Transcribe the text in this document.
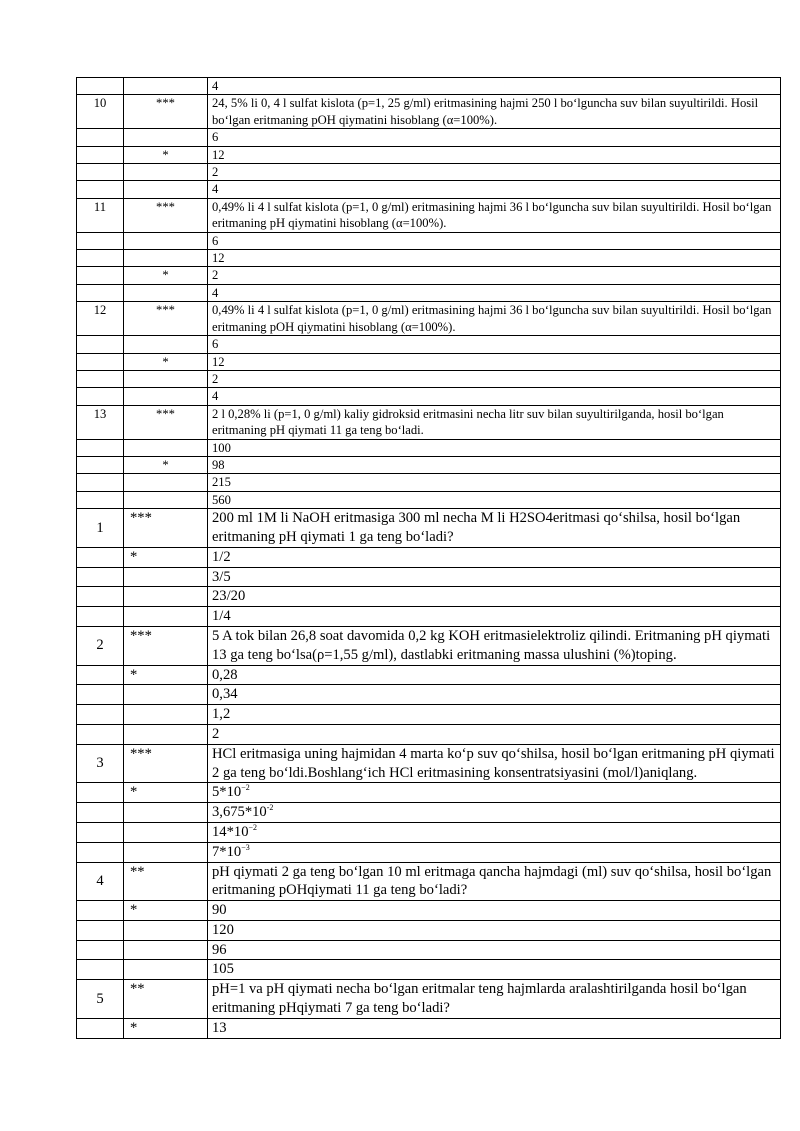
		4
10	***	24, 5% li 0, 4 l sulfat kislota (p=1, 25 g/ml) eritmasining hajmi 250 l bo‘lguncha suv bilan suyultirildi. Hosil bo‘lgan eritmaning pOH qiymatini hisoblang (α=100%).
		6
	*	12
		2
		4
11	***	0,49% li 4 l sulfat kislota (p=1, 0 g/ml) eritmasining hajmi 36 l bo‘lguncha suv bilan suyultirildi. Hosil bo‘lgan eritmaning pH qiymatini hisoblang (α=100%).
		6
		12
	*	2
		4
12	***	0,49% li 4 l sulfat kislota (p=1, 0 g/ml) eritmasining hajmi 36 l bo‘lguncha suv bilan suyultirildi. Hosil bo‘lgan eritmaning pOH qiymatini hisoblang (α=100%).
		6
	*	12
		2
		4
13	***	2 l 0,28% li (p=1, 0 g/ml) kaliy gidroksid eritmasini necha litr suv bilan suyultirilganda, hosil bo‘lgan eritmaning pH qiymati 11 ga teng bo‘ladi.
		100
	*	98
		215
		560
1	***	200 ml 1M li NaOH eritmasiga 300 ml necha M li H2SO4eritmasi qo‘shilsa, hosil bo‘lgan eritmaning pH qiymati 1 ga teng bo‘ladi?
	*	1/2
		3/5
		23/20
		1/4
2	***	5 A tok bilan 26,8 soat davomida 0,2 kg KOH eritmasielektroliz qilindi. Eritmaning pH qiymati 13 ga teng bo‘lsa(ρ=1,55 g/ml), dastlabki eritmaning massa ulushini (%)toping.
	*	0,28
		0,34
		1,2
		2
3	***	HCl eritmasiga uning hajmidan 4 marta ko‘p suv qo‘shilsa, hosil bo‘lgan eritmaning pH qiymati 2 ga teng bo‘ldi.Boshlang‘ich HCl eritmasining konsentratsiyasini (mol/l)aniqlang.
	*	$5*10^{-2}$
		$3,675*10^{-2}$
		$14*10^{-2}$
		$7*10^{-3}$
4	**	pH qiymati 2 ga teng bo‘lgan 10 ml eritmaga qancha hajmdagi (ml) suv qo‘shilsa, hosil bo‘lgan eritmaning pOHqiymati 11 ga teng bo‘ladi?
	*	90
		120
		96
		105
5	**	pH=1 va pH qiymati necha bo‘lgan eritmalar teng hajmlarda aralashtirilganda hosil bo‘lgan eritmaning pHqiymati 7 ga teng bo‘ladi?
	*	13
